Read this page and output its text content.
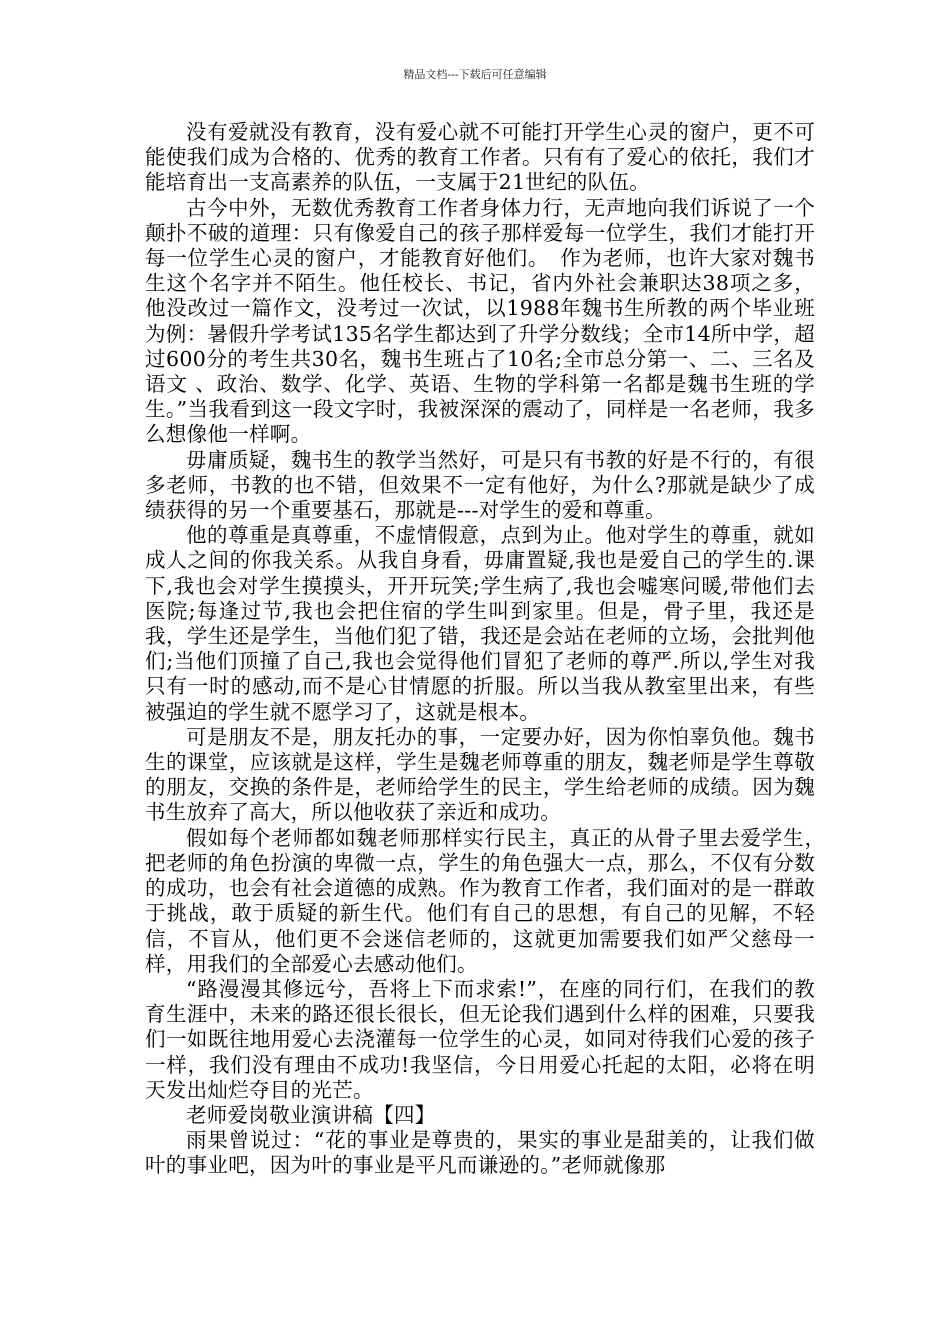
精品文档---下载后可任意编辑

没有爱就没有教育，没有爱心就不可能打开学生心灵的窗户，更不可能使我们成为合格的、优秀的教育工作者。只有有了爱心的依托，我们才能培育出一支高素养的队伍，一支属于21世纪的队伍。

古今中外，无数优秀教育工作者身体力行，无声地向我们诉说了一个颠扑不破的道理：只有像爱自己的孩子那样爱每一位学生，我们才能打开每一位学生心灵的窗户，才能教育好他们。　作为老师，也许大家对魏书生这个名字并不陌生。他任校长、书记，省内外社会兼职达38项之多，他没改过一篇作文，没考过一次试，以1988年魏书生所教的两个毕业班为例：暑假升学考试135名学生都达到了升学分数线；全市14所中学，超过600分的考生共30名，魏书生班占了10名;全市总分第一、二、三名及语文 、政治、数学、化学、英语、生物的学科第一名都是魏书生班的学生。”当我看到这一段文字时，我被深深的震动了，同样是一名老师，我多么想像他一样啊。

毋庸质疑，魏书生的教学当然好，可是只有书教的好是不行的，有很多老师，书教的也不错，但效果不一定有他好，为什么?那就是缺少了成绩获得的另一个重要基石，那就是---对学生的爱和尊重。

他的尊重是真尊重，不虚情假意，点到为止。他对学生的尊重，就如成人之间的你我关系。从我自身看，毋庸置疑,我也是爱自己的学生的.课下,我也会对学生摸摸头，开开玩笑;学生病了,我也会嘘寒问暖,带他们去医院;每逢过节,我也会把住宿的学生叫到家里。但是，骨子里，我还是我，学生还是学生，当他们犯了错，我还是会站在老师的立场，会批判他们;当他们顶撞了自己,我也会觉得他们冒犯了老师的尊严.所以,学生对我只有一时的感动,而不是心甘情愿的折服。所以当我从教室里出来，有些被强迫的学生就不愿学习了，这就是根本。

可是朋友不是，朋友托办的事，一定要办好，因为你怕辜负他。魏书生的课堂，应该就是这样，学生是魏老师尊重的朋友，魏老师是学生尊敬的朋友，交换的条件是，老师给学生的民主，学生给老师的成绩。因为魏书生放弃了高大，所以他收获了亲近和成功。

假如每个老师都如魏老师那样实行民主，真正的从骨子里去爱学生，　把老师的角色扮演的卑微一点，学生的角色强大一点，那么，不仅有分数的成功，也会有社会道德的成熟。作为教育工作者，我们面对的是一群敢于挑战，敢于质疑的新生代。他们有自己的思想，有自己的见解，不轻信，不盲从，他们更不会迷信老师的，这就更加需要我们如严父慈母一样，用我们的全部爱心去感动他们。

“路漫漫其修远兮，吾将上下而求索!”，在座的同行们，在我们的教育生涯中，未来的路还很长很长，但无论我们遇到什么样的困难，只要我们一如既往地用爱心去浇灌每一位学生的心灵，如同对待我们心爱的孩子一样，我们没有理由不成功!我坚信，今日用爱心托起的太阳，必将在明天发出灿烂夺目的光芒。

老师爱岗敬业演讲稿【四】

雨果曾说过：“花的事业是尊贵的，果实的事业是甜美的，让我们做叶的事业吧，因为叶的事业是平凡而谦逊的。”老师就像那
